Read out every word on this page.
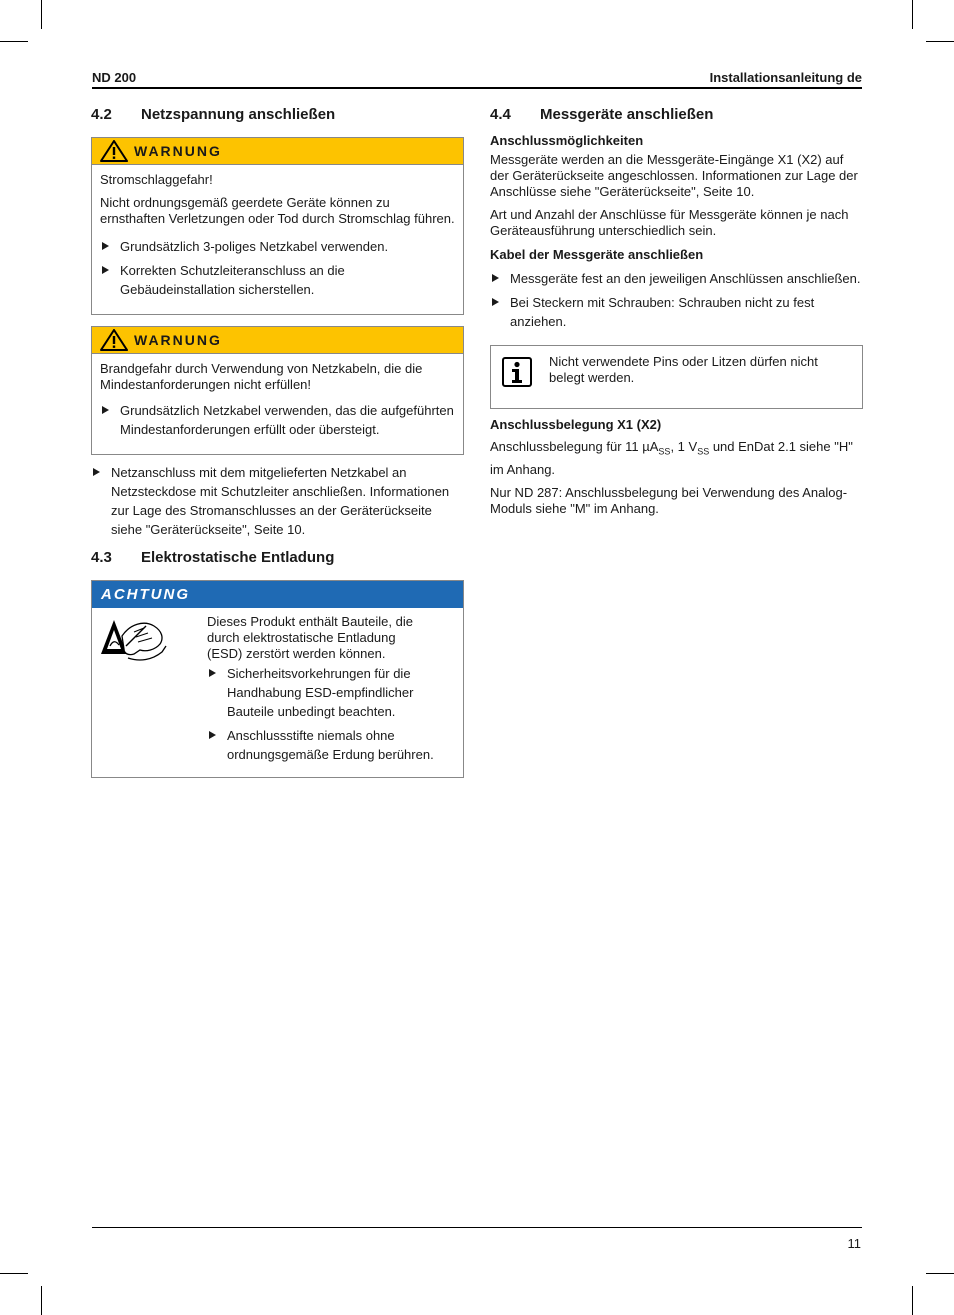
ND 200	Installationsanleitung de
4.2	Netzspannung anschließen
WARNUNG

Stromschlaggefahr!

Nicht ordnungsgemäß geerdete Geräte können zu ernsthaften Verletzungen oder Tod durch Stromschlag führen.

Grundsätzlich 3-poliges Netzkabel verwenden.
Korrekten Schutzleiteranschluss an die Gebäudeinstallation sicherstellen.
WARNUNG

Brandgefahr durch Verwendung von Netzkabeln, die die Mindestanforderungen nicht erfüllen!

Grundsätzlich Netzkabel verwenden, das die aufgeführten Mindestanforderungen erfüllt oder übersteigt.
Netzanschluss mit dem mitgelieferten Netzkabel an Netzsteckdose mit Schutzleiter anschließen. Informationen zur Lage des Stromanschlusses an der Geräterückseite siehe "Geräterückseite", Seite 10.
4.3	Elektrostatische Entladung
ACHTUNG

Dieses Produkt enthält Bauteile, die durch elektrostatische Entladung (ESD) zerstört werden können.

Sicherheitsvorkehrungen für die Handhabung ESD-empfindlicher Bauteile unbedingt beachten.
Anschlussstifte niemals ohne ordnungsgemäße Erdung berühren.
4.4	Messgeräte anschließen
Anschlussmöglichkeiten

Messgeräte werden an die Messgeräte-Eingänge X1 (X2) auf der Geräterückseite angeschlossen. Informationen zur Lage der Anschlüsse siehe "Geräterückseite", Seite 10.

Art und Anzahl der Anschlüsse für Messgeräte können je nach Geräteausführung unterschiedlich sein.

Kabel der Messgeräte anschließen
Messgeräte fest an den jeweiligen Anschlüssen anschließen.
Bei Steckern mit Schrauben: Schrauben nicht zu fest anziehen.

Nicht verwendete Pins oder Litzen dürfen nicht belegt werden.

Anschlussbelegung X1 (X2)

Anschlussbelegung für 11 µA$_{SS}$, 1 $V_{SS}$ und EnDat 2.1 siehe "H" im Anhang.

Nur ND 287: Anschlussbelegung bei Verwendung des Analog-Moduls siehe "M" im Anhang.

11
